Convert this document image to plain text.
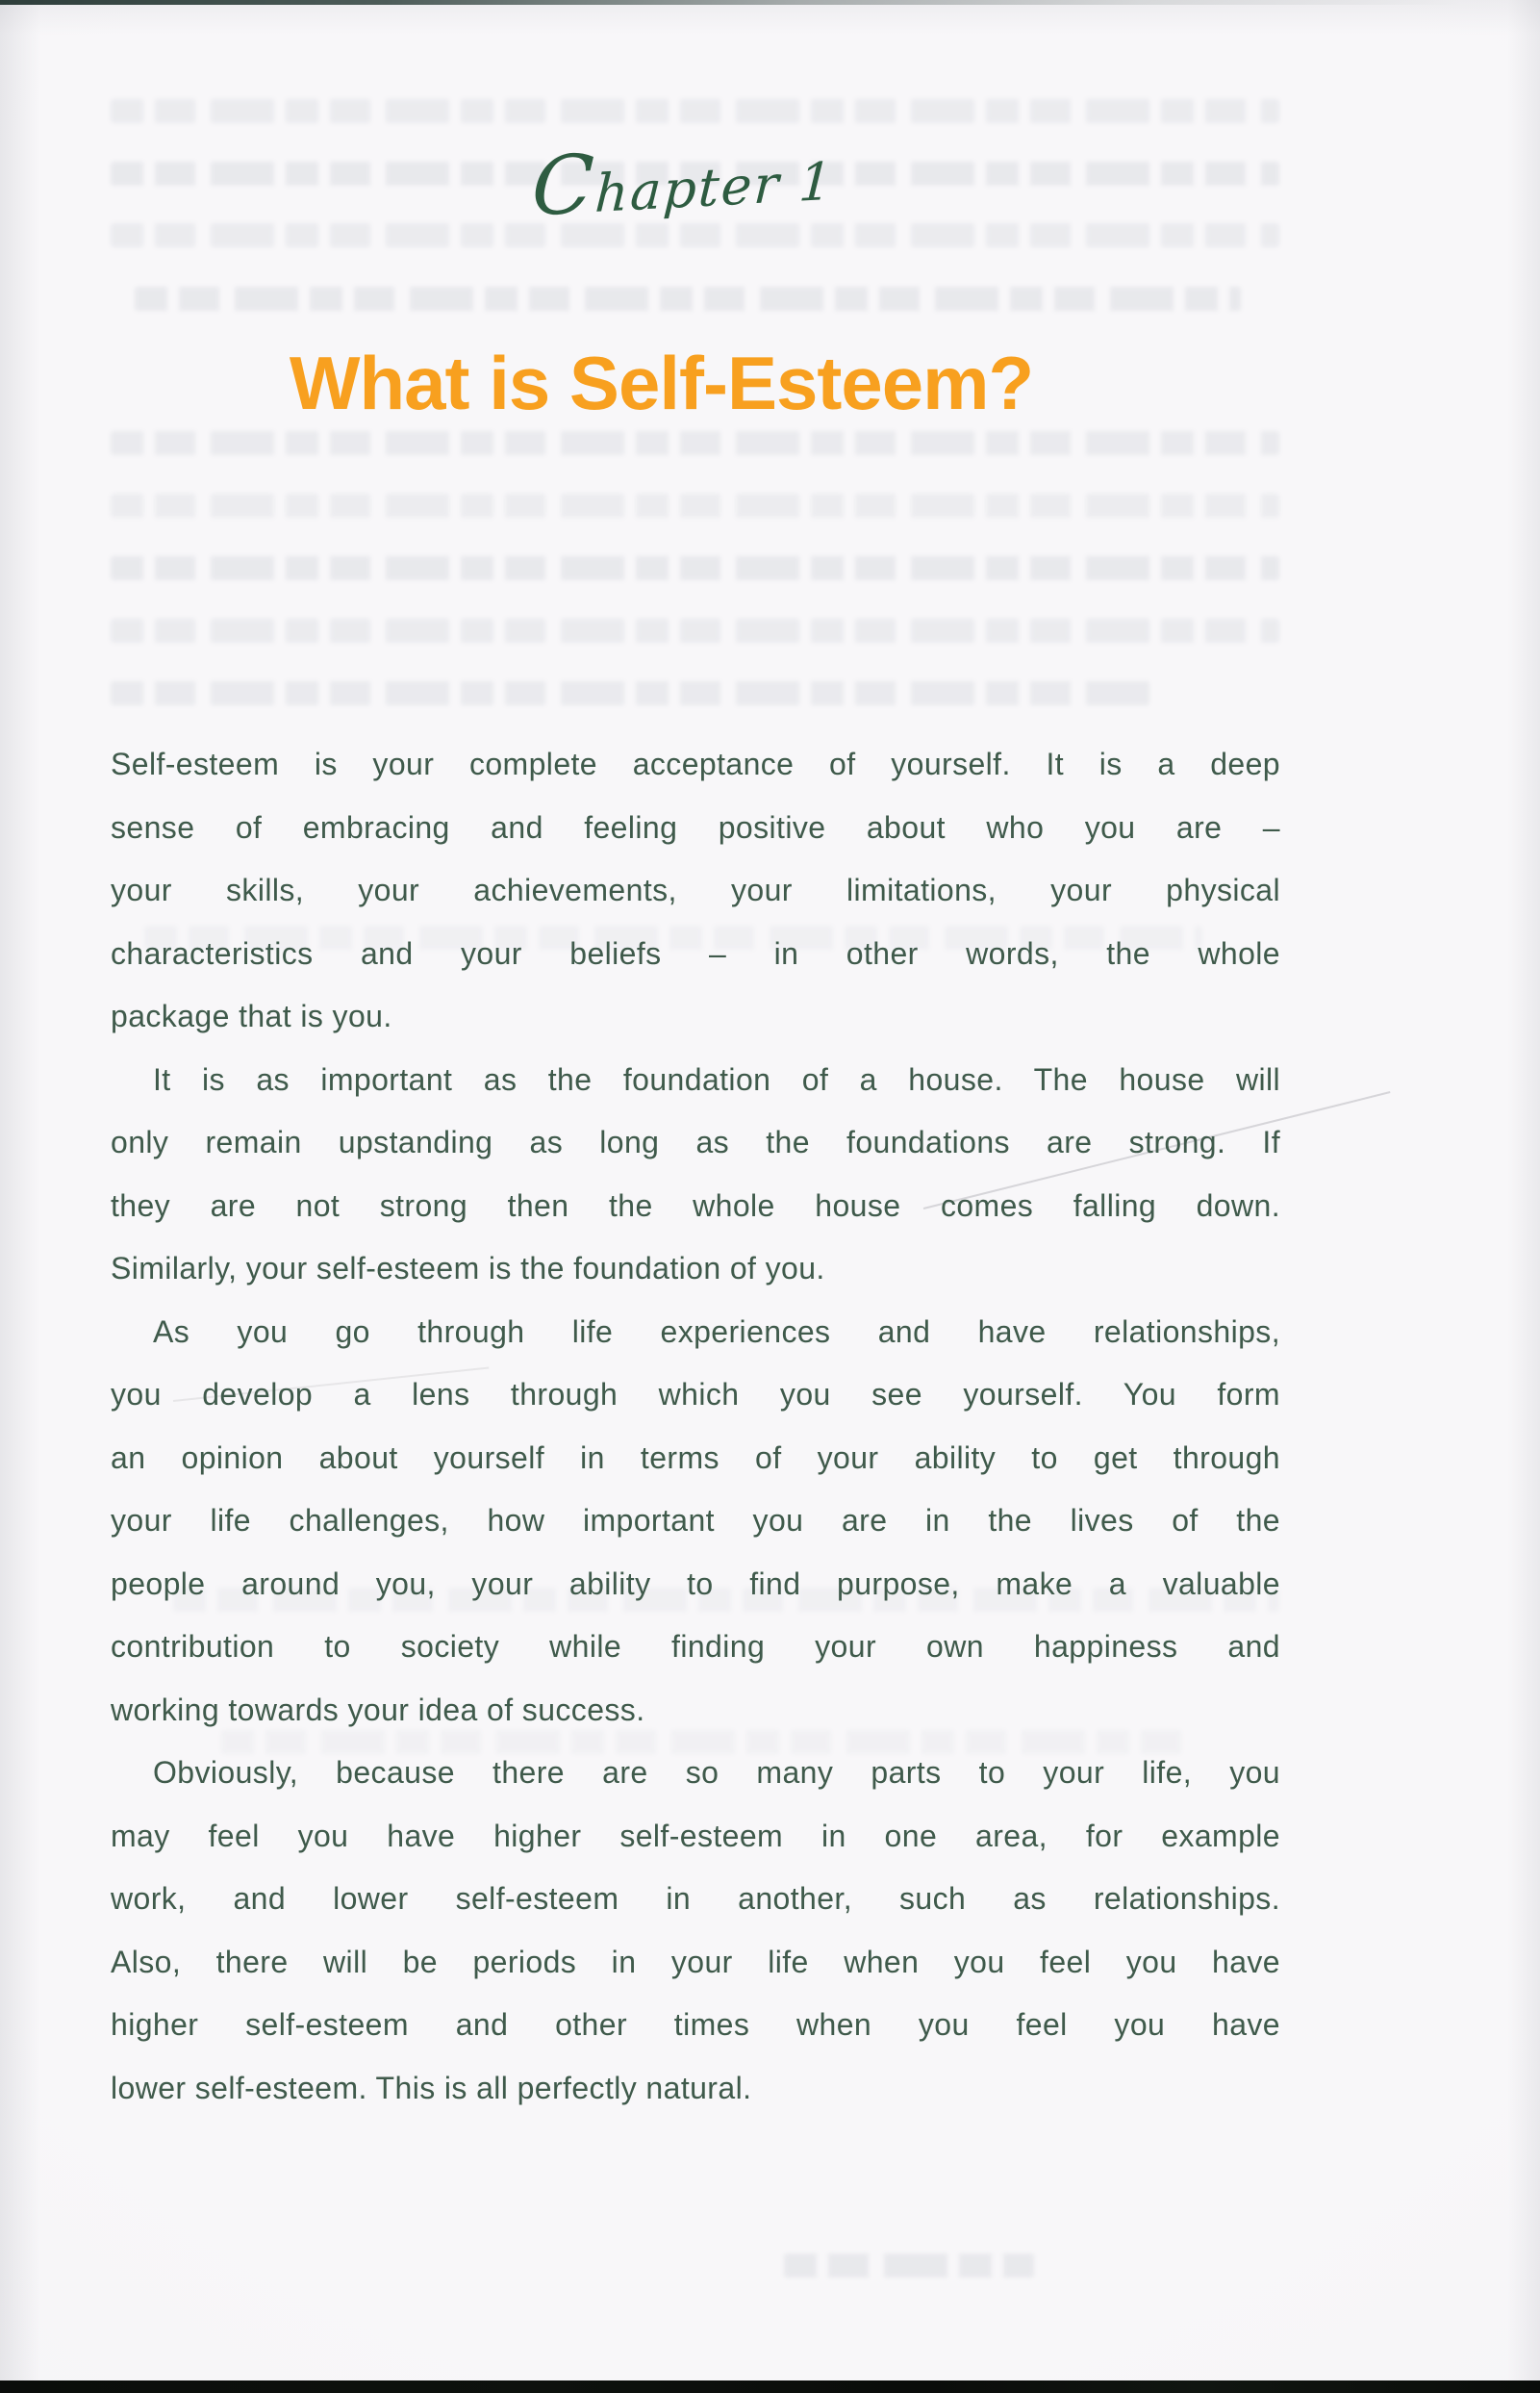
Chapter 1
What is Self-Esteem?
Self-esteem is your complete acceptance of yourself. It is a deep
sense of embracing and feeling positive about who you are –
your skills, your achievements, your limitations, your physical
characteristics and your beliefs – in other words, the whole
package that is you.
It is as important as the foundation of a house. The house will
only remain upstanding as long as the foundations are strong. If
they are not strong then the whole house comes falling down.
Similarly, your self-esteem is the foundation of you.
As you go through life experiences and have relationships,
you develop a lens through which you see yourself. You form
an opinion about yourself in terms of your ability to get through
your life challenges, how important you are in the lives of the
people around you, your ability to find purpose, make a valuable
contribution to society while finding your own happiness and
working towards your idea of success.
Obviously, because there are so many parts to your life, you
may feel you have higher self-esteem in one area, for example
work, and lower self-esteem in another, such as relationships.
Also, there will be periods in your life when you feel you have
higher self-esteem and other times when you feel you have
lower self-esteem. This is all perfectly natural.
